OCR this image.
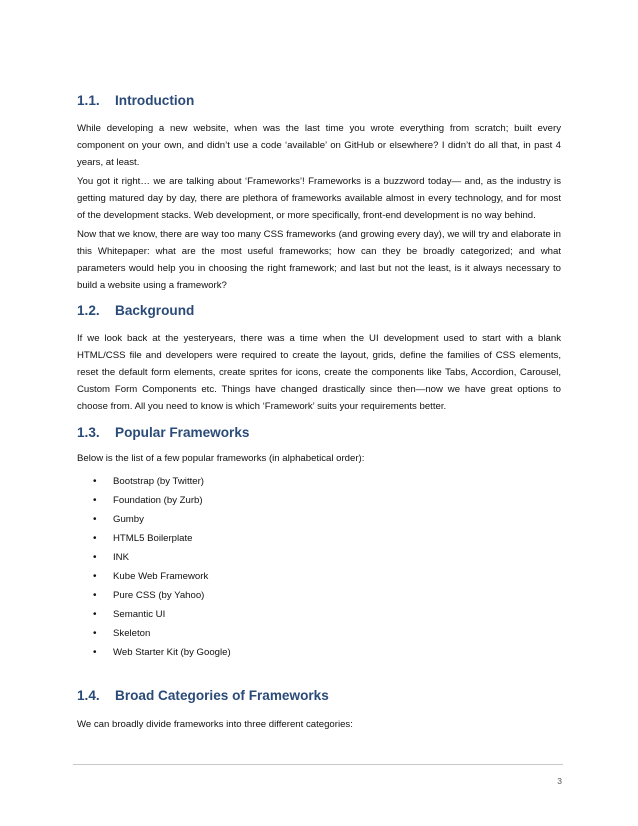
1.1.	Introduction

While developing a new website, when was the last time you wrote everything from scratch; built every component on your own, and didn’t use a code ‘available’ on GitHub or elsewhere? I didn’t do all that, in past 4 years, at least.

You got it right… we are talking about ‘Frameworks’! Frameworks is a buzzword today— and, as the industry is getting matured day by day, there are plethora of frameworks available almost in every technology, and for most of the development stacks. Web development, or more specifically, front-end development is no way behind.

Now that we know, there are way too many CSS frameworks (and growing every day), we will try and elaborate in this Whitepaper: what are the most useful frameworks; how can they be broadly categorized; and what parameters would help you in choosing the right framework; and last but not the least, is it always necessary to build a website using a framework?

1.2.	Background

If we look back at the yesteryears, there was a time when the UI development used to start with a blank HTML/CSS file and developers were required to create the layout, grids, define the families of CSS elements, reset the default form elements, create sprites for icons, create the components like Tabs, Accordion, Carousel, Custom Form Components etc. Things have changed drastically since then—now we have great options to choose from. All you need to know is which ‘Framework’ suits your requirements better.

1.3.	Popular Frameworks

Below is the list of a few popular frameworks (in alphabetical order):

• Bootstrap (by Twitter)
• Foundation (by Zurb)
• Gumby
• HTML5 Boilerplate
• INK
• Kube Web Framework
• Pure CSS (by Yahoo)
• Semantic UI
• Skeleton
• Web Starter Kit (by Google)
1.4.	Broad Categories of Frameworks

We can broadly divide frameworks into three different categories:

3
